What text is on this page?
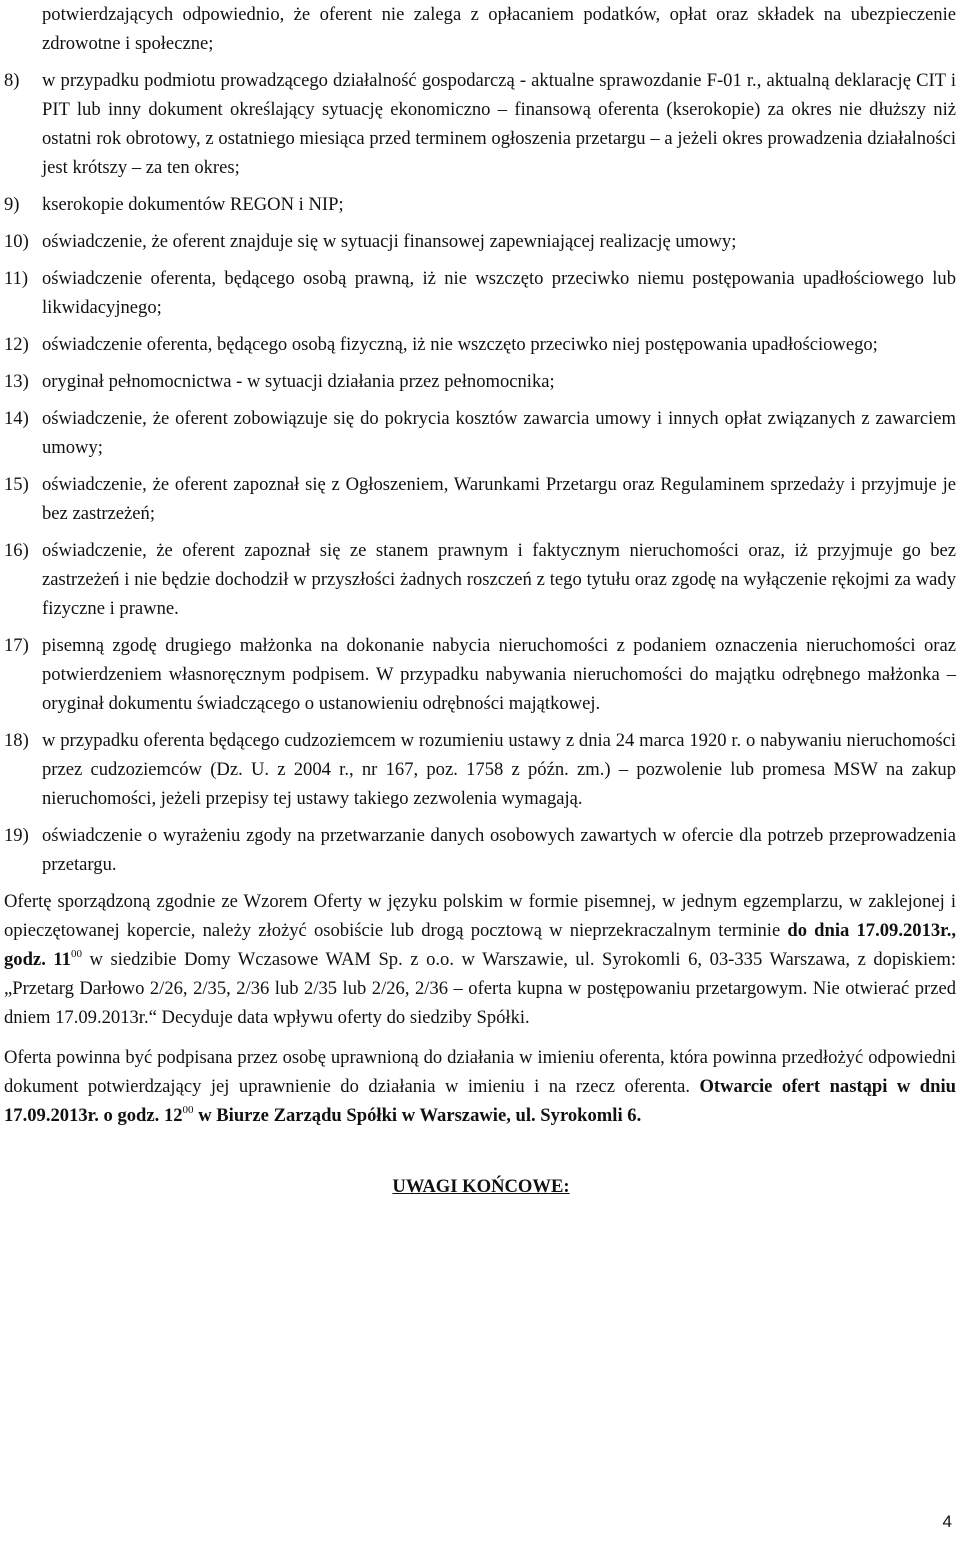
potwierdzających odpowiednio, że oferent nie zalega z opłacaniem podatków, opłat oraz składek na ubezpieczenie zdrowotne i społeczne;
8)	w przypadku podmiotu prowadzącego działalność gospodarczą - aktualne sprawozdanie F-01 r., aktualną deklarację CIT i PIT lub inny dokument określający sytuację ekonomiczno – finansową oferenta (kserokopie) za okres nie dłuższy niż ostatni rok obrotowy, z ostatniego miesiąca przed terminem ogłoszenia przetargu – a jeżeli okres prowadzenia działalności jest krótszy – za ten okres;
9)	kserokopie dokumentów REGON i NIP;
10) oświadczenie, że oferent znajduje się w sytuacji finansowej zapewniającej realizację umowy;
11) oświadczenie oferenta, będącego osobą prawną, iż nie wszczęto przeciwko niemu postępowania upadłościowego lub likwidacyjnego;
12) oświadczenie oferenta, będącego osobą fizyczną, iż nie wszczęto przeciwko niej postępowania upadłościowego;
13) oryginał pełnomocnictwa - w sytuacji działania przez pełnomocnika;
14) oświadczenie, że oferent zobowiązuje się do pokrycia kosztów zawarcia umowy i innych opłat związanych z zawarciem umowy;
15) oświadczenie, że oferent zapoznał się z Ogłoszeniem, Warunkami Przetargu oraz Regulaminem sprzedaży i przyjmuje je bez zastrzeżeń;
16) oświadczenie, że oferent zapoznał się ze stanem prawnym i faktycznym nieruchomości oraz, iż przyjmuje go bez zastrzeżeń i nie będzie dochodził w przyszłości żadnych roszczeń z tego tytułu oraz zgodę na wyłączenie rękojmi za wady fizyczne i prawne.
17) pisemną zgodę drugiego małżonka na dokonanie nabycia nieruchomości z podaniem oznaczenia nieruchomości oraz potwierdzeniem własnoręcznym podpisem. W przypadku nabywania nieruchomości do majątku odrębnego małżonka – oryginał dokumentu świadczącego o ustanowieniu odrębności majątkowej.
18) w przypadku oferenta będącego cudzoziemcem w rozumieniu ustawy z dnia 24 marca 1920 r. o nabywaniu nieruchomości przez cudzoziemców (Dz. U. z 2004 r., nr 167, poz. 1758 z późn. zm.) – pozwolenie lub promesa MSW na zakup nieruchomości, jeżeli przepisy tej ustawy takiego zezwolenia wymagają.
19) oświadczenie o wyrażeniu zgody na przetwarzanie danych osobowych zawartych w ofercie dla potrzeb przeprowadzenia przetargu.
Ofertę sporządzoną zgodnie ze Wzorem Oferty w języku polskim w formie pisemnej, w jednym egzemplarzu, w zaklejonej i opieczętowanej kopercie, należy złożyć osobiście lub drogą pocztową w nieprzekraczalnym terminie do dnia 17.09.2013r., godz. $11^{00}$ w siedzibie Domy Wczasowe WAM Sp. z o.o. w Warszawie, ul. Syrokomli 6, 03-335 Warszawa, z dopiskiem: „Przetarg Darłowo 2/26, 2/35, 2/36 lub 2/35 lub 2/26, 2/36 – oferta kupna w postępowaniu przetargowym. Nie otwierać przed dniem 17.09.2013r.“ Decyduje data wpływu oferty do siedziby Spółki.
Oferta powinna być podpisana przez osobę uprawnioną do działania w imieniu oferenta, która powinna przedłożyć odpowiedni dokument potwierdzający jej uprawnienie do działania w imieniu i na rzecz oferenta. Otwarcie ofert nastąpi w dniu 17.09.2013r. o godz. $12^{00}$ w Biurze Zarządu Spółki w Warszawie, ul. Syrokomli 6.
UWAGI KOŃCOWE:
4
